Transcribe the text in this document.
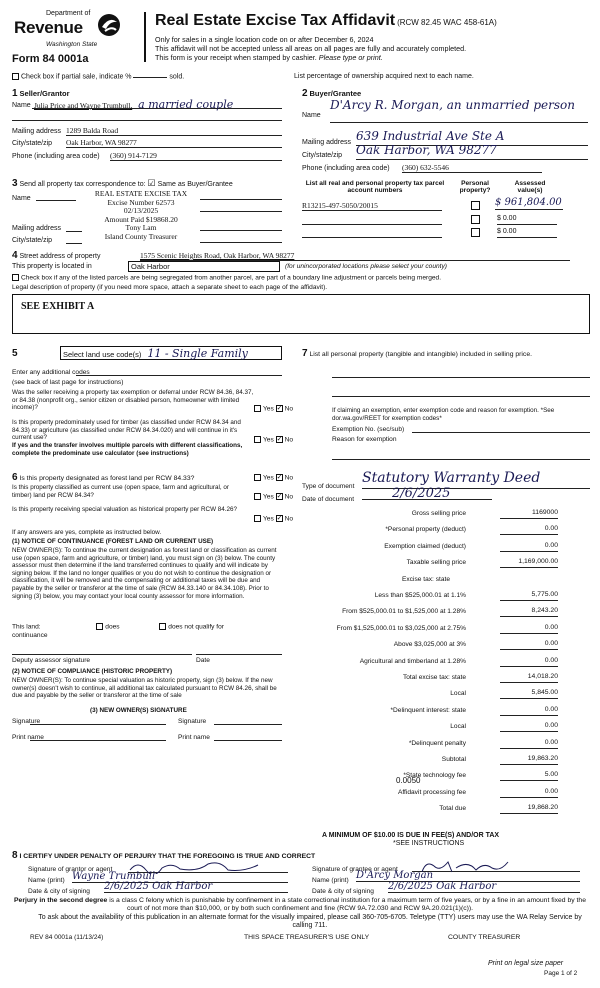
Department of
Revenue
Washington State
Form 84 0001a
Real Estate Excise Tax Affidavit (RCW 82.45 WAC 458-61A)
Only for sales in a single location code on or after December 6, 2024
This affidavit will not be accepted unless all areas on all pages are fully and accurately completed.
This form is your receipt when stamped by cashier. Please type or print.
Check box if partial sale, indicate %	sold.	List percentage of ownership acquired next to each name.
1 Seller/Grantor
Name Julia Price and Wayne Trumbull, a married couple
Mailing address 1289 Balda Road
City/state/zip Oak Harbor, WA 98277
Phone (including area code) (360) 914-7129
2 Buyer/Grantee
Name
D'Arcy R. Morgan, an unmarried person
Mailing address 639 Industrial Ave Ste A
City/state/zip Oak Harbor, WA 98277
Phone (including area code) (360) 632-5546
3 Send all property tax correspondence to: ☑ Same as Buyer/Grantee
Name
Mailing address
City/state/zip
REAL ESTATE EXCISE TAX
Excise Number 62573
02/13/2025
Amount Paid $19868.20
Tony Lam
Island County Treasurer
List all real and personal property tax parcel account numbers
Personal property?
Assessed value(s)
R13215-497-5050/20015	$ 961,804.00
$ 0.00
$ 0.00
4 Street address of property	1575 Scenic Heights Road, Oak Harbor, WA 98277
This property is located in	Oak Harbor	(for unincorporated locations please select your county)
Check box if any of the listed parcels are being segregated from another parcel, are part of a boundary line adjustment or parcels being merged.
Legal description of property (if you need more space, attach a separate sheet to each page of the affidavit).
SEE EXHIBIT A
5	Select land use code(s) 11 - Single Family
Enter any additional codes
(see back of last page for instructions)
Was the seller receiving a property tax exemption or deferral under RCW 84.36, 84.37, or 84.38 (nonprofit org., senior citizen or disabled person, homeowner with limited income)?	Yes ✓ No
Is this property predominately used for timber (as classified under RCW 84.34 and 84.33) or agriculture (as classified under RCW 84.34.020) and will continue in it's current use?
If yes and the transfer involves multiple parcels with different classifications, complete the predominate use calculator (see instructions)
Yes ✓ No
7 List all personal property (tangible and intangible) included in selling price.
If claiming an exemption, enter exemption code and reason for exemption. *See dor.wa.gov/REET for exemption codes*
Exemption No. (sec/sub)
Reason for exemption
6 Is this property designated as forest land per RCW 84.33?	Yes ✓ No
Is this property classified as current use (open space, farm and agricultural, or timber) land per RCW 84.34?	Yes ✓ No
Is this property receiving special valuation as historical property per RCW 84.26?
Yes ✓ No
If any answers are yes, complete as instructed below.
(1) NOTICE OF CONTINUANCE (FOREST LAND OR CURRENT USE)
NEW OWNER(S): To continue the current designation as forest land or classification as current use (open space, farm and agriculture, or timber) land, you must sign on (3) below. The county assessor must then determine if the land transferred continues to qualify and will indicate by signing below. If the land no longer qualifies or you do not wish to continue the designation or classification, it will be removed and the compensating or additional taxes will be due and payable by the seller or transferor at the time of sale (RCW 84.33.140 or 84.34.108). Prior to signing (3) below, you may contact your local county assessor for more information.
This land:	does	does not qualify for
continuance
Deputy assessor signature	Date
(2) NOTICE OF COMPLIANCE (HISTORIC PROPERTY)
NEW OWNER(S): To continue special valuation as historic property, sign (3) below. If the new owner(s) doesn't wish to continue, all additional tax calculated pursuant to RCW 84.26, shall be due and payable by the seller or transferor at the time of sale
(3) NEW OWNER(S) SIGNATURE
Signature	Signature
Print name	Print name
Type of document
Statutory Warranty Deed
Date of document	2/6/2025
Gross selling price	1169000
*Personal property (deduct)	0.00
Exemption claimed (deduct)	0.00
Taxable selling price	1,169,000.00
Excise tax: state
Less than $525,000.01 at 1.1%	5,775.00
From $525,000.01 to $1,525,000 at 1.28%	8,243.20
From $1,525,000.01 to $3,025,000 at 2.75%	0.00
Above $3,025,000 at 3%	0.00
Agricultural and timberland at 1.28%	0.00
Total excise tax: state	14,018.20
Local	5,845.00
*Delinquent interest: state	0.00
Local	0.00
*Delinquent penalty	0.00
Subtotal	19,863.20
*State technology fee	5.00
Affidavit processing fee	0.00
Total due	19,868.20
0.0050
A MINIMUM OF $10.00 IS DUE IN FEE(S) AND/OR TAX
*SEE INSTRUCTIONS
8 I CERTIFY UNDER PENALTY OF PERJURY THAT THE FOREGOING IS TRUE AND CORRECT
Signature of grantor or agent
Name (print) Wayne Trumbull
Date & city of signing 2/6/2025 Oak Harbor
Signature of grantee or agent
Name (print) D'Arcy Morgan
Date & city of signing 2/6/2025 Oak Harbor
Perjury in the second degree is a class C felony which is punishable by confinement in a state correctional institution for a maximum term of five years, or by a fine in an amount fixed by the court of not more than $10,000, or by both such confinement and fine (RCW 9A.72.030 and RCW 9A.20.021(1)(c)).
To ask about the availability of this publication in an alternate format for the visually impaired, please call 360-705-6705. Teletype (TTY) users may use the WA Relay Service by calling 711.
REV 84 0001a (11/13/24)	THIS SPACE TREASURER'S USE ONLY	COUNTY TREASURER
Print on legal size paper
Page 1 of 2
